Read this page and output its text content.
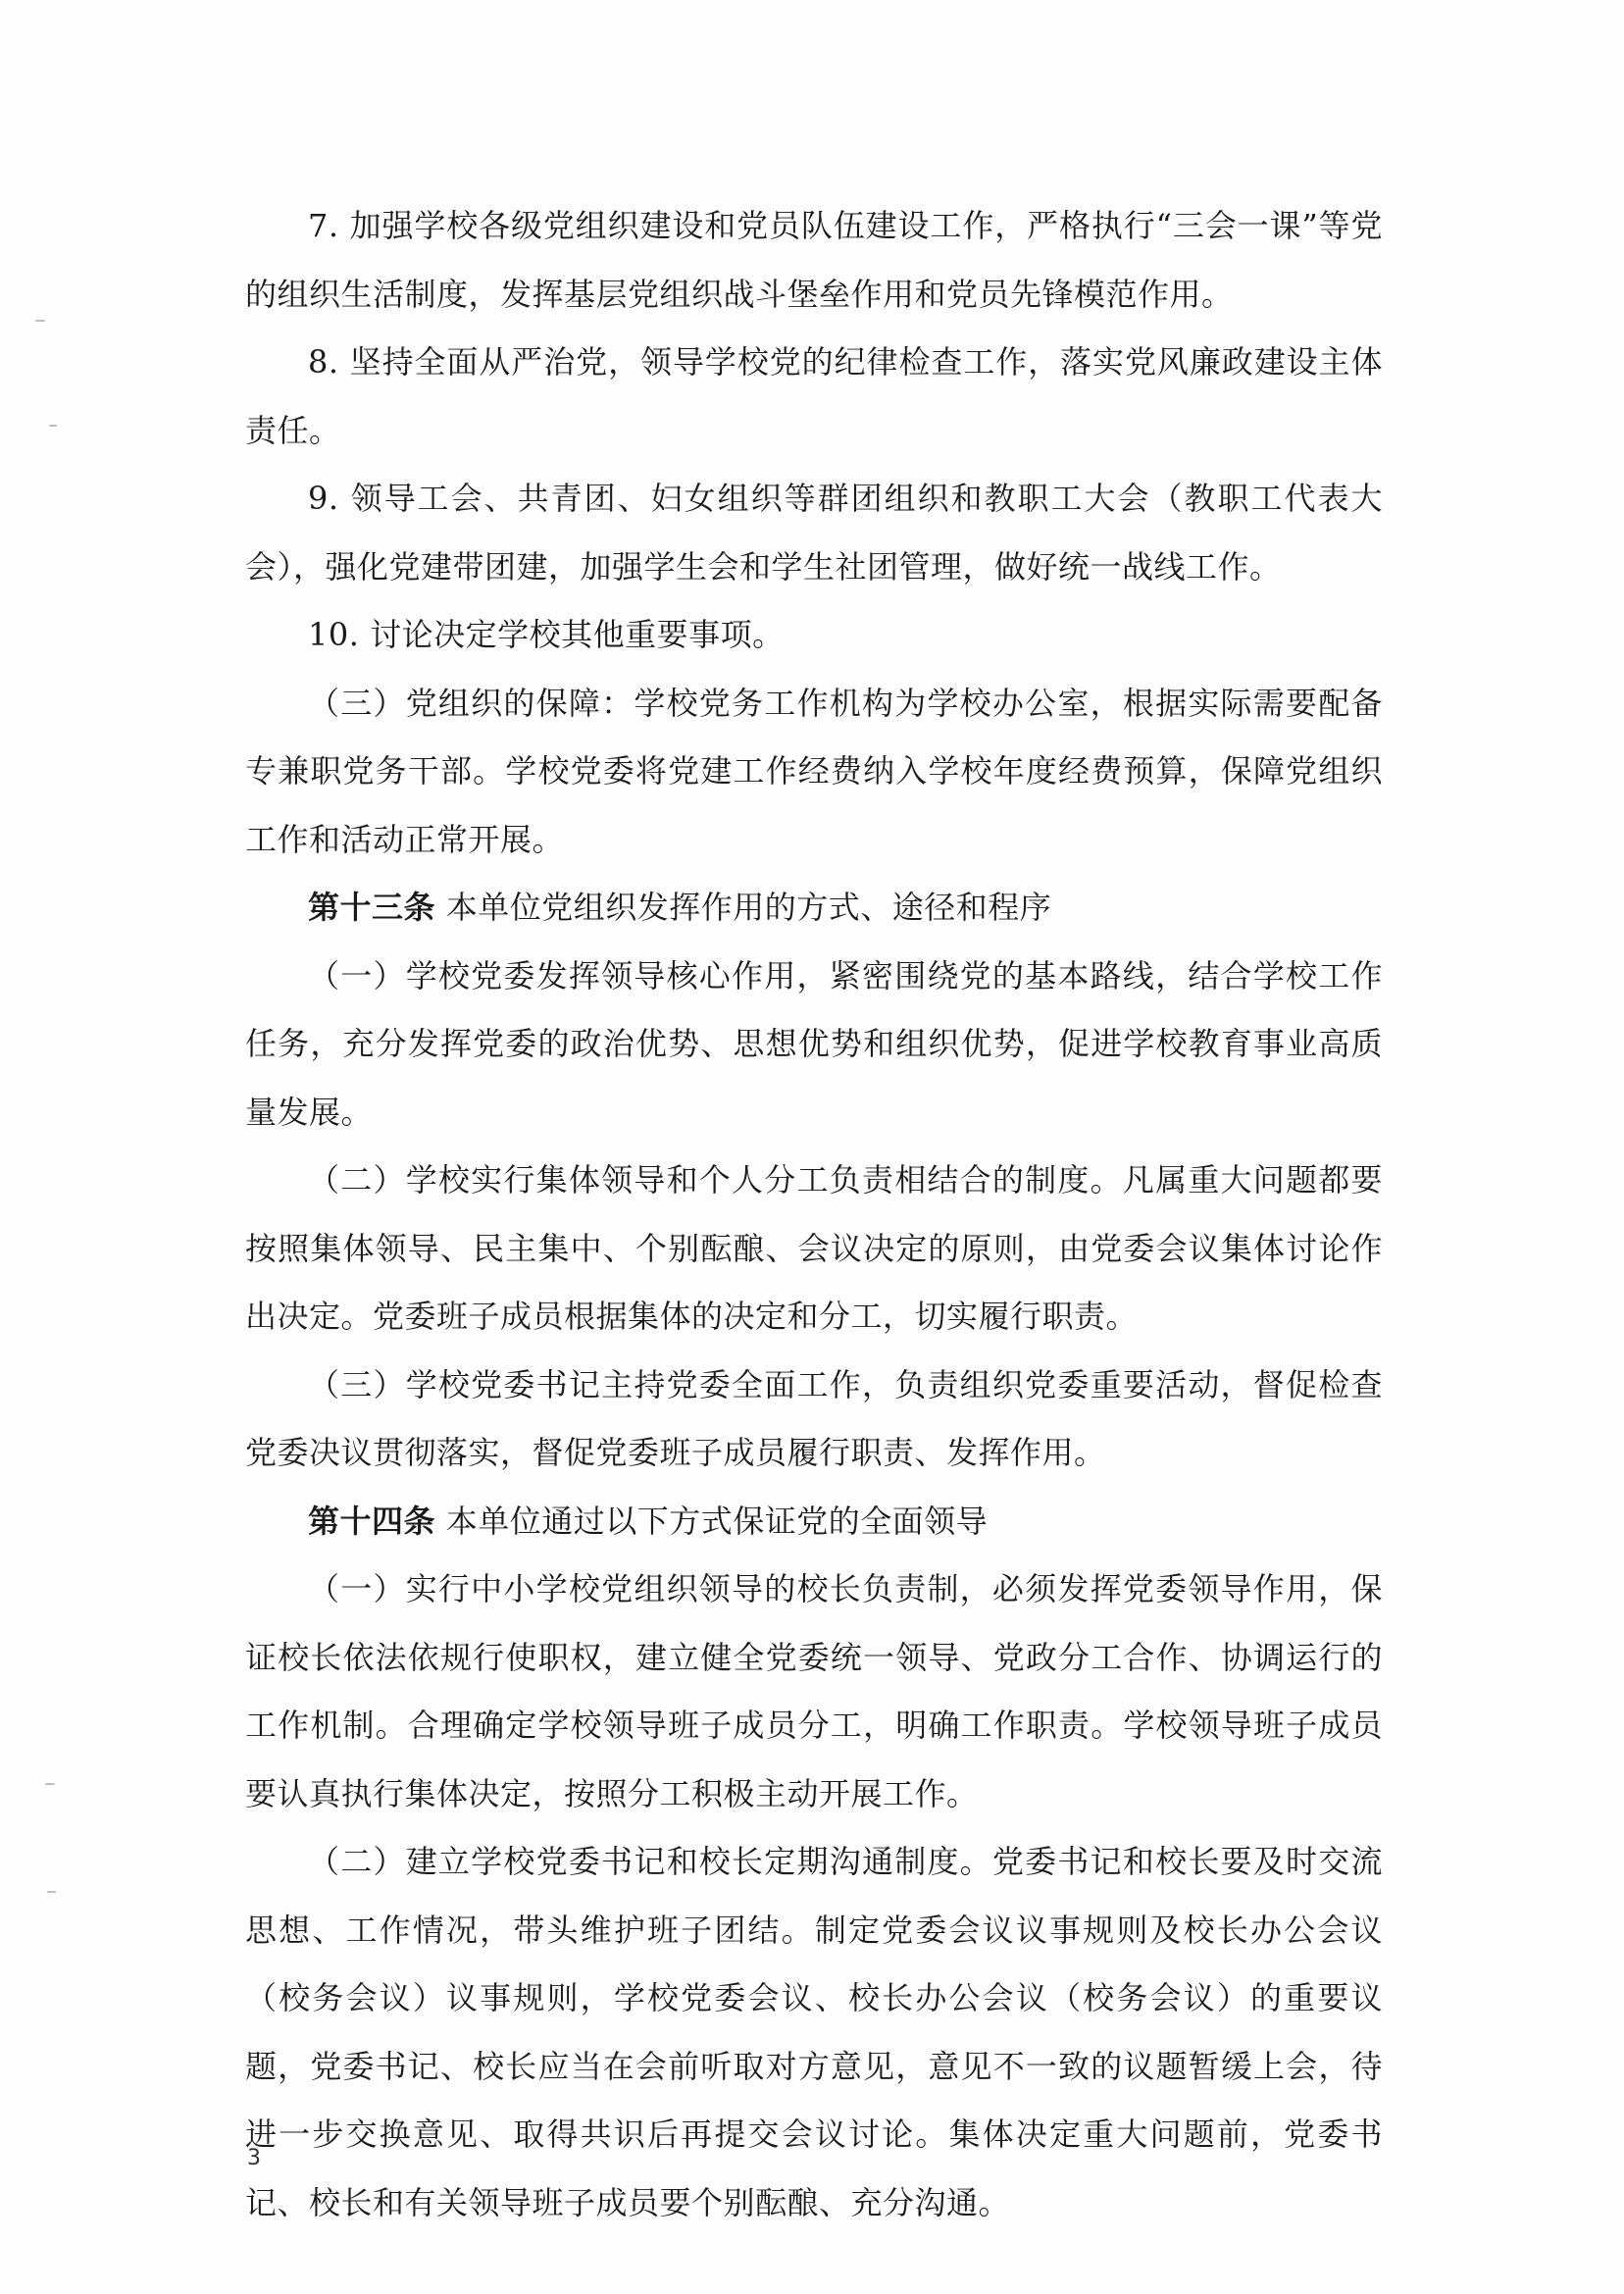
7. 加强学校各级党组织建设和党员队伍建设工作，严格执行“三会一课”等党的组织生活制度，发挥基层党组织战斗堡垒作用和党员先锋模范作用。

8. 坚持全面从严治党，领导学校党的纪律检查工作，落实党风廉政建设主体责任。

9. 领导工会、共青团、妇女组织等群团组织和教职工大会（教职工代表大会），强化党建带团建，加强学生会和学生社团管理，做好统一战线工作。

10. 讨论决定学校其他重要事项。

（三）党组织的保障：学校党务工作机构为学校办公室，根据实际需要配备专兼职党务干部。学校党委将党建工作经费纳入学校年度经费预算，保障党组织工作和活动正常开展。

第十三条 本单位党组织发挥作用的方式、途径和程序

（一）学校党委发挥领导核心作用，紧密围绕党的基本路线，结合学校工作任务，充分发挥党委的政治优势、思想优势和组织优势，促进学校教育事业高质量发展。

（二）学校实行集体领导和个人分工负责相结合的制度。凡属重大问题都要按照集体领导、民主集中、个别酝酿、会议决定的原则，由党委会议集体讨论作出决定。党委班子成员根据集体的决定和分工，切实履行职责。

（三）学校党委书记主持党委全面工作，负责组织党委重要活动，督促检查党委决议贯彻落实，督促党委班子成员履行职责、发挥作用。

第十四条 本单位通过以下方式保证党的全面领导

（一）实行中小学校党组织领导的校长负责制，必须发挥党委领导作用，保证校长依法依规行使职权，建立健全党委统一领导、党政分工合作、协调运行的工作机制。合理确定学校领导班子成员分工，明确工作职责。学校领导班子成员要认真执行集体决定，按照分工积极主动开展工作。

（二）建立学校党委书记和校长定期沟通制度。党委书记和校长要及时交流思想、工作情况，带头维护班子团结。制定党委会议议事规则及校长办公会议（校务会议）议事规则，学校党委会议、校长办公会议（校务会议）的重要议题，党委书记、校长应当在会前听取对方意见，意见不一致的议题暂缓上会，待进一步交换意见、取得共识后再提交会议讨论。集体决定重大问题前，党委书记、校长和有关领导班子成员要个别酝酿、充分沟通。

3
